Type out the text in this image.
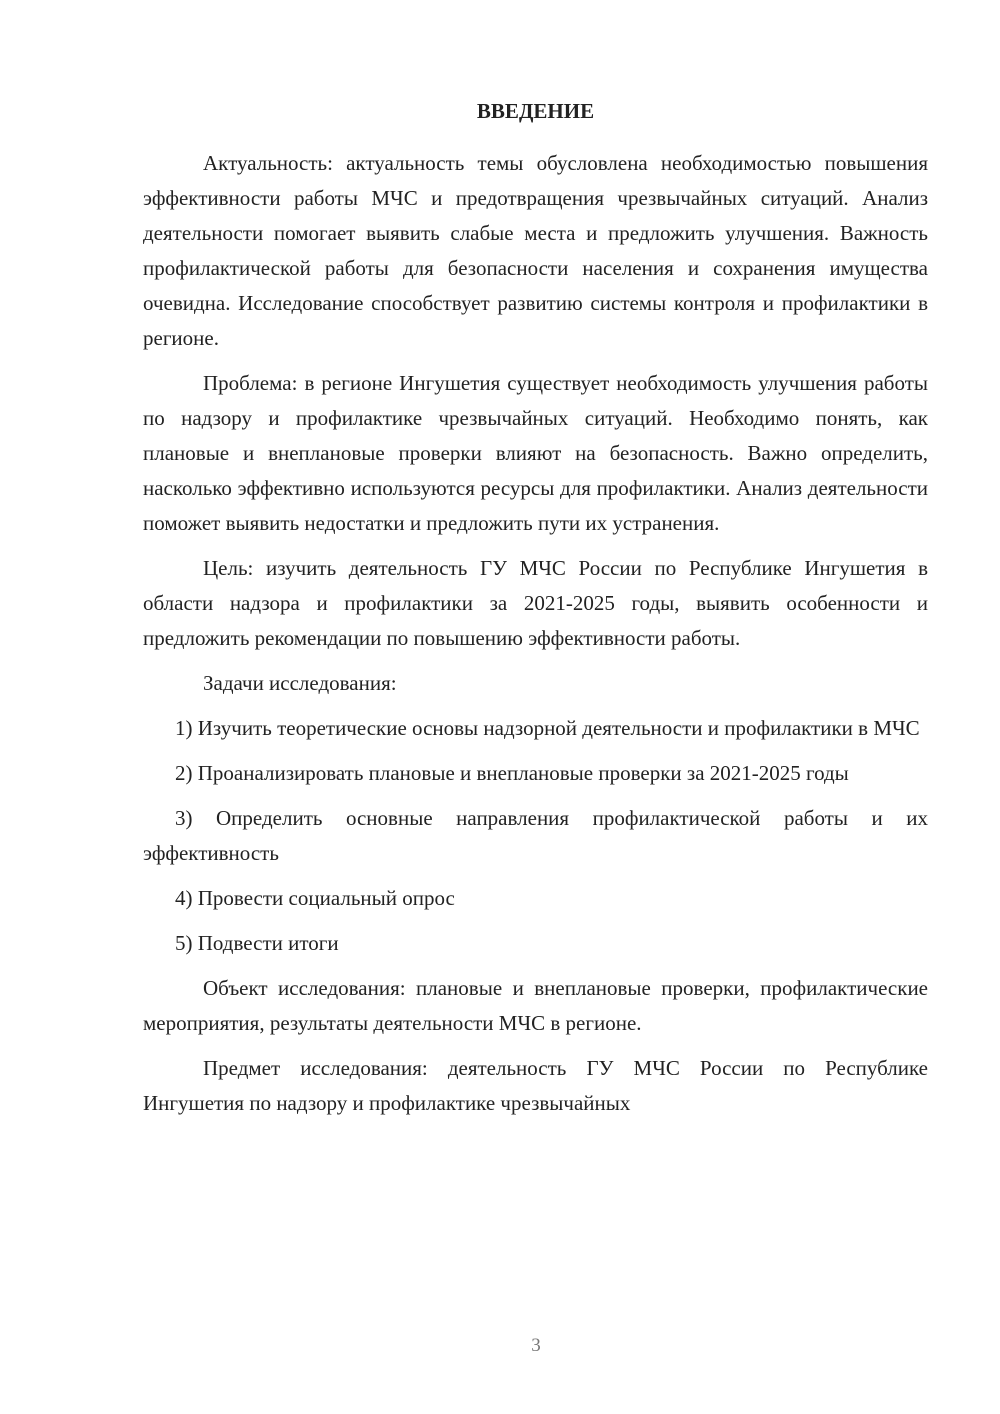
ВВЕДЕНИЕ

Актуальность: актуальность темы обусловлена необходимостью повышения эффективности работы МЧС и предотвращения чрезвычайных ситуаций. Анализ деятельности помогает выявить слабые места и предложить улучшения. Важность профилактической работы для безопасности населения и сохранения имущества очевидна. Исследование способствует развитию системы контроля и профилактики в регионе.

Проблема: в регионе Ингушетия существует необходимость улучшения работы по надзору и профилактике чрезвычайных ситуаций. Необходимо понять, как плановые и внеплановые проверки влияют на безопасность. Важно определить, насколько эффективно используются ресурсы для профилактики. Анализ деятельности поможет выявить недостатки и предложить пути их устранения.

Цель: изучить деятельность ГУ МЧС России по Республике Ингушетия в области надзора и профилактики за 2021-2025 годы, выявить особенности и предложить рекомендации по повышению эффективности работы.

Задачи исследования:

1) Изучить теоретические основы надзорной деятельности и профилактики в МЧС

2) Проанализировать плановые и внеплановые проверки за 2021-2025 годы

3) Определить основные направления профилактической работы и их эффективность

4) Провести социальный опрос

5) Подвести итоги

Объект исследования: плановые и внеплановые проверки, профилактические мероприятия, результаты деятельности МЧС в регионе.

Предмет исследования: деятельность ГУ МЧС России по Республике Ингушетия по надзору и профилактике чрезвычайных

3
